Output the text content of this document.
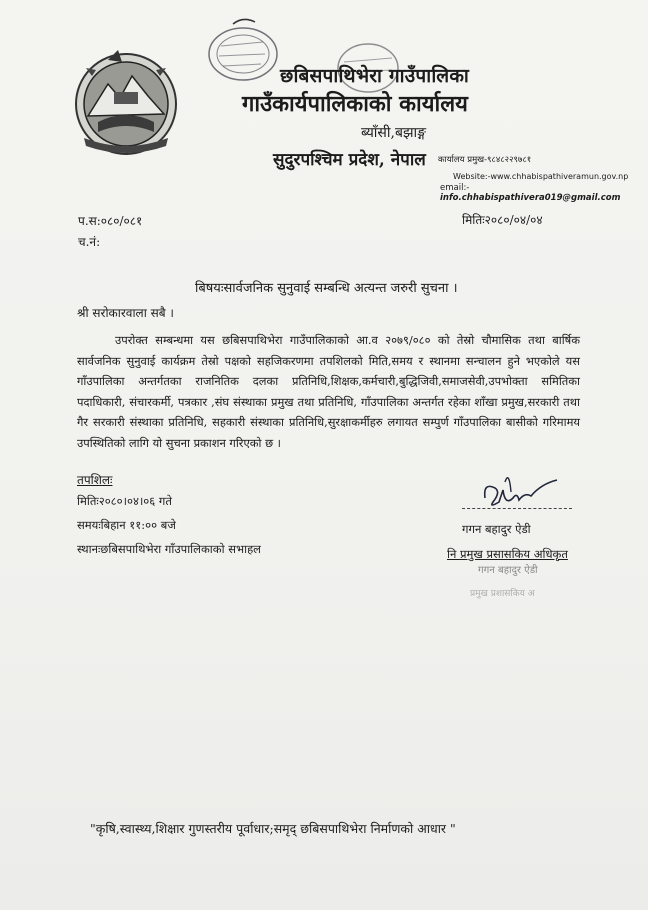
छबिसपाथिभेरा गाउँपालिका
गाउँकार्यपालिकाको कार्यालय
ब्याँसी,बझाङ्ग
सुदुरपश्चिम प्रदेश, नेपाल कार्यालय प्रमुख-९८४८२२९७८१
Website:-www.chhabispathiveramun.gov.np
email:-info.chhabispathivera019@gmail.com
प.स:०८०/०८१
च.नं:
मितिः२०८०/०४/०४
बिषयःसार्वजनिक सुनुवाई सम्बन्धि अत्यन्त जरुरी सुचना ।
श्री सरोकारवाला सबै ।
उपरोक्त सम्बन्धमा यस छबिसपाथिभेरा गाउँपालिकाको आ.व २०७९/०८० को तेस्रो चौमासिक तथा बार्षिक सार्वजनिक सुनुवाई कार्यक्रम तेस्रो पक्षको सहजिकरणमा तपशिलको मिति,समय र स्थानमा सन्चालन हुने भएकोले यस गाँउपालिका अन्तर्गतका राजनितिक दलका प्रतिनिधि,शिक्षक,कर्मचारी,बुद्धिजिवी,समाजसेवी,उपभोक्ता समितिका पदाधिकारी, संचारकर्मी, पत्रकार ,संघ संस्थाका प्रमुख तथा प्रतिनिधि, गाँउपालिका अन्तर्गत रहेका शाँखा प्रमुख,सरकारी तथा गैर सरकारी संस्थाका प्रतिनिधि, सहकारी संस्थाका प्रतिनिधि,सुरक्षाकर्मीहरु लगायत सम्पुर्ण गाँउपालिका बासीको गरिमामय उपस्थितिको लागि यो सुचना प्रकाशन गरिएको छ ।
तपशिलः
मितिः२०८०।०४।०६ गते
समयःबिहान ११:०० बजे
स्थानःछबिसपाथिभेरा गाँउपालिकाको सभाहल
गगन बहादुर ऐडी
नि प्रमुख प्रसासकिय अधिकृत
गगन बहादुर ऐडी
प्रमुख प्रशासकिय अ
"कृषि,स्वास्थ्य,शिक्षार गुणस्तरीय पूर्वाधार;समृद् छबिसपाथिभेरा निर्माणको आधार "
